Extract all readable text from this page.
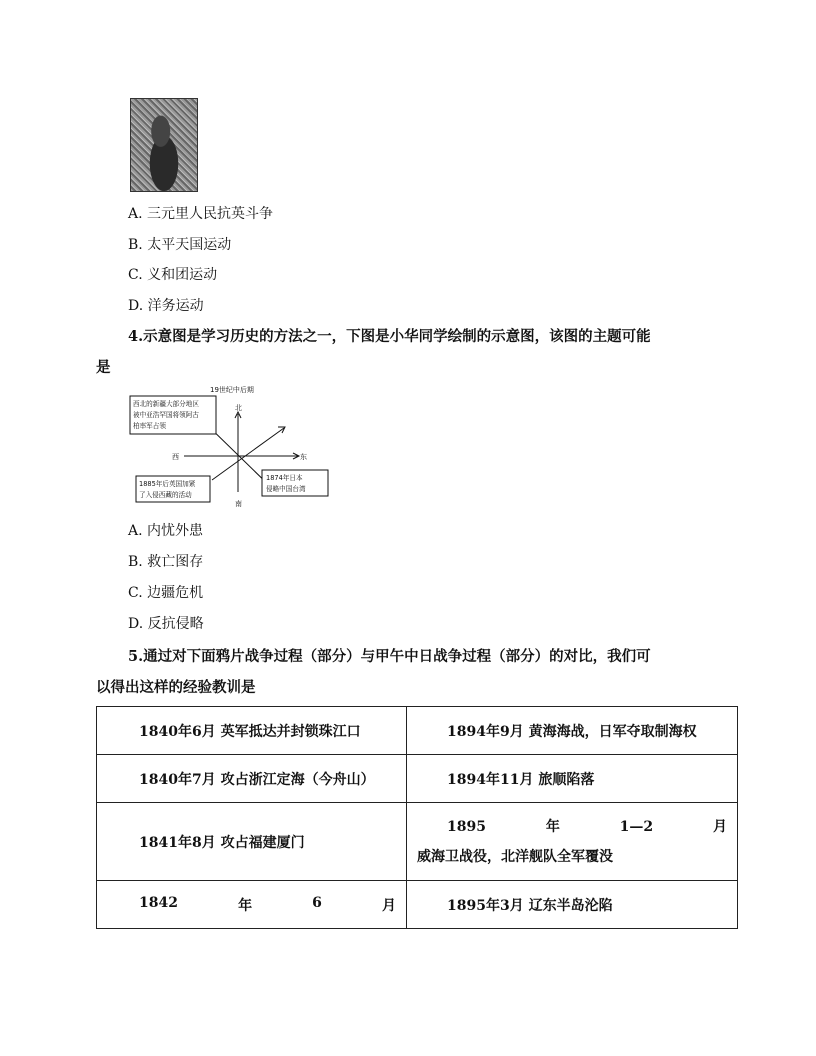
A. 三元里人民抗英斗争
B. 太平天国运动
C. 义和团运动
D. 洋务运动
4.示意图是学习历史的方法之一，下图是小华同学绘制的示意图，该图的主题可能
是
19世纪中后期
北
南
西	东
西北的新疆大部分地区
被中亚浩罕国将领阿古
柏率军占领
1885年后英国加紧
了入侵西藏的活动
1874年日本
侵略中国台湾
A. 内忧外患
B. 救亡图存
C. 边疆危机
D. 反抗侵略
5.通过对下面鸦片战争过程（部分）与甲午中日战争过程（部分）的对比，我们可
以得出这样的经验教训是
1840年6月 英军抵达并封锁珠江口	1894年9月 黄海海战，日军夺取制海权

1840年7月 攻占浙江定海（今舟山）	1894年11月 旅顺陷落

1841年8月 攻占福建厦门	1895 年 1—2 月
威海卫战役，北洋舰队全军覆没

1842 年 6 月	1895年3月 辽东半岛沦陷
